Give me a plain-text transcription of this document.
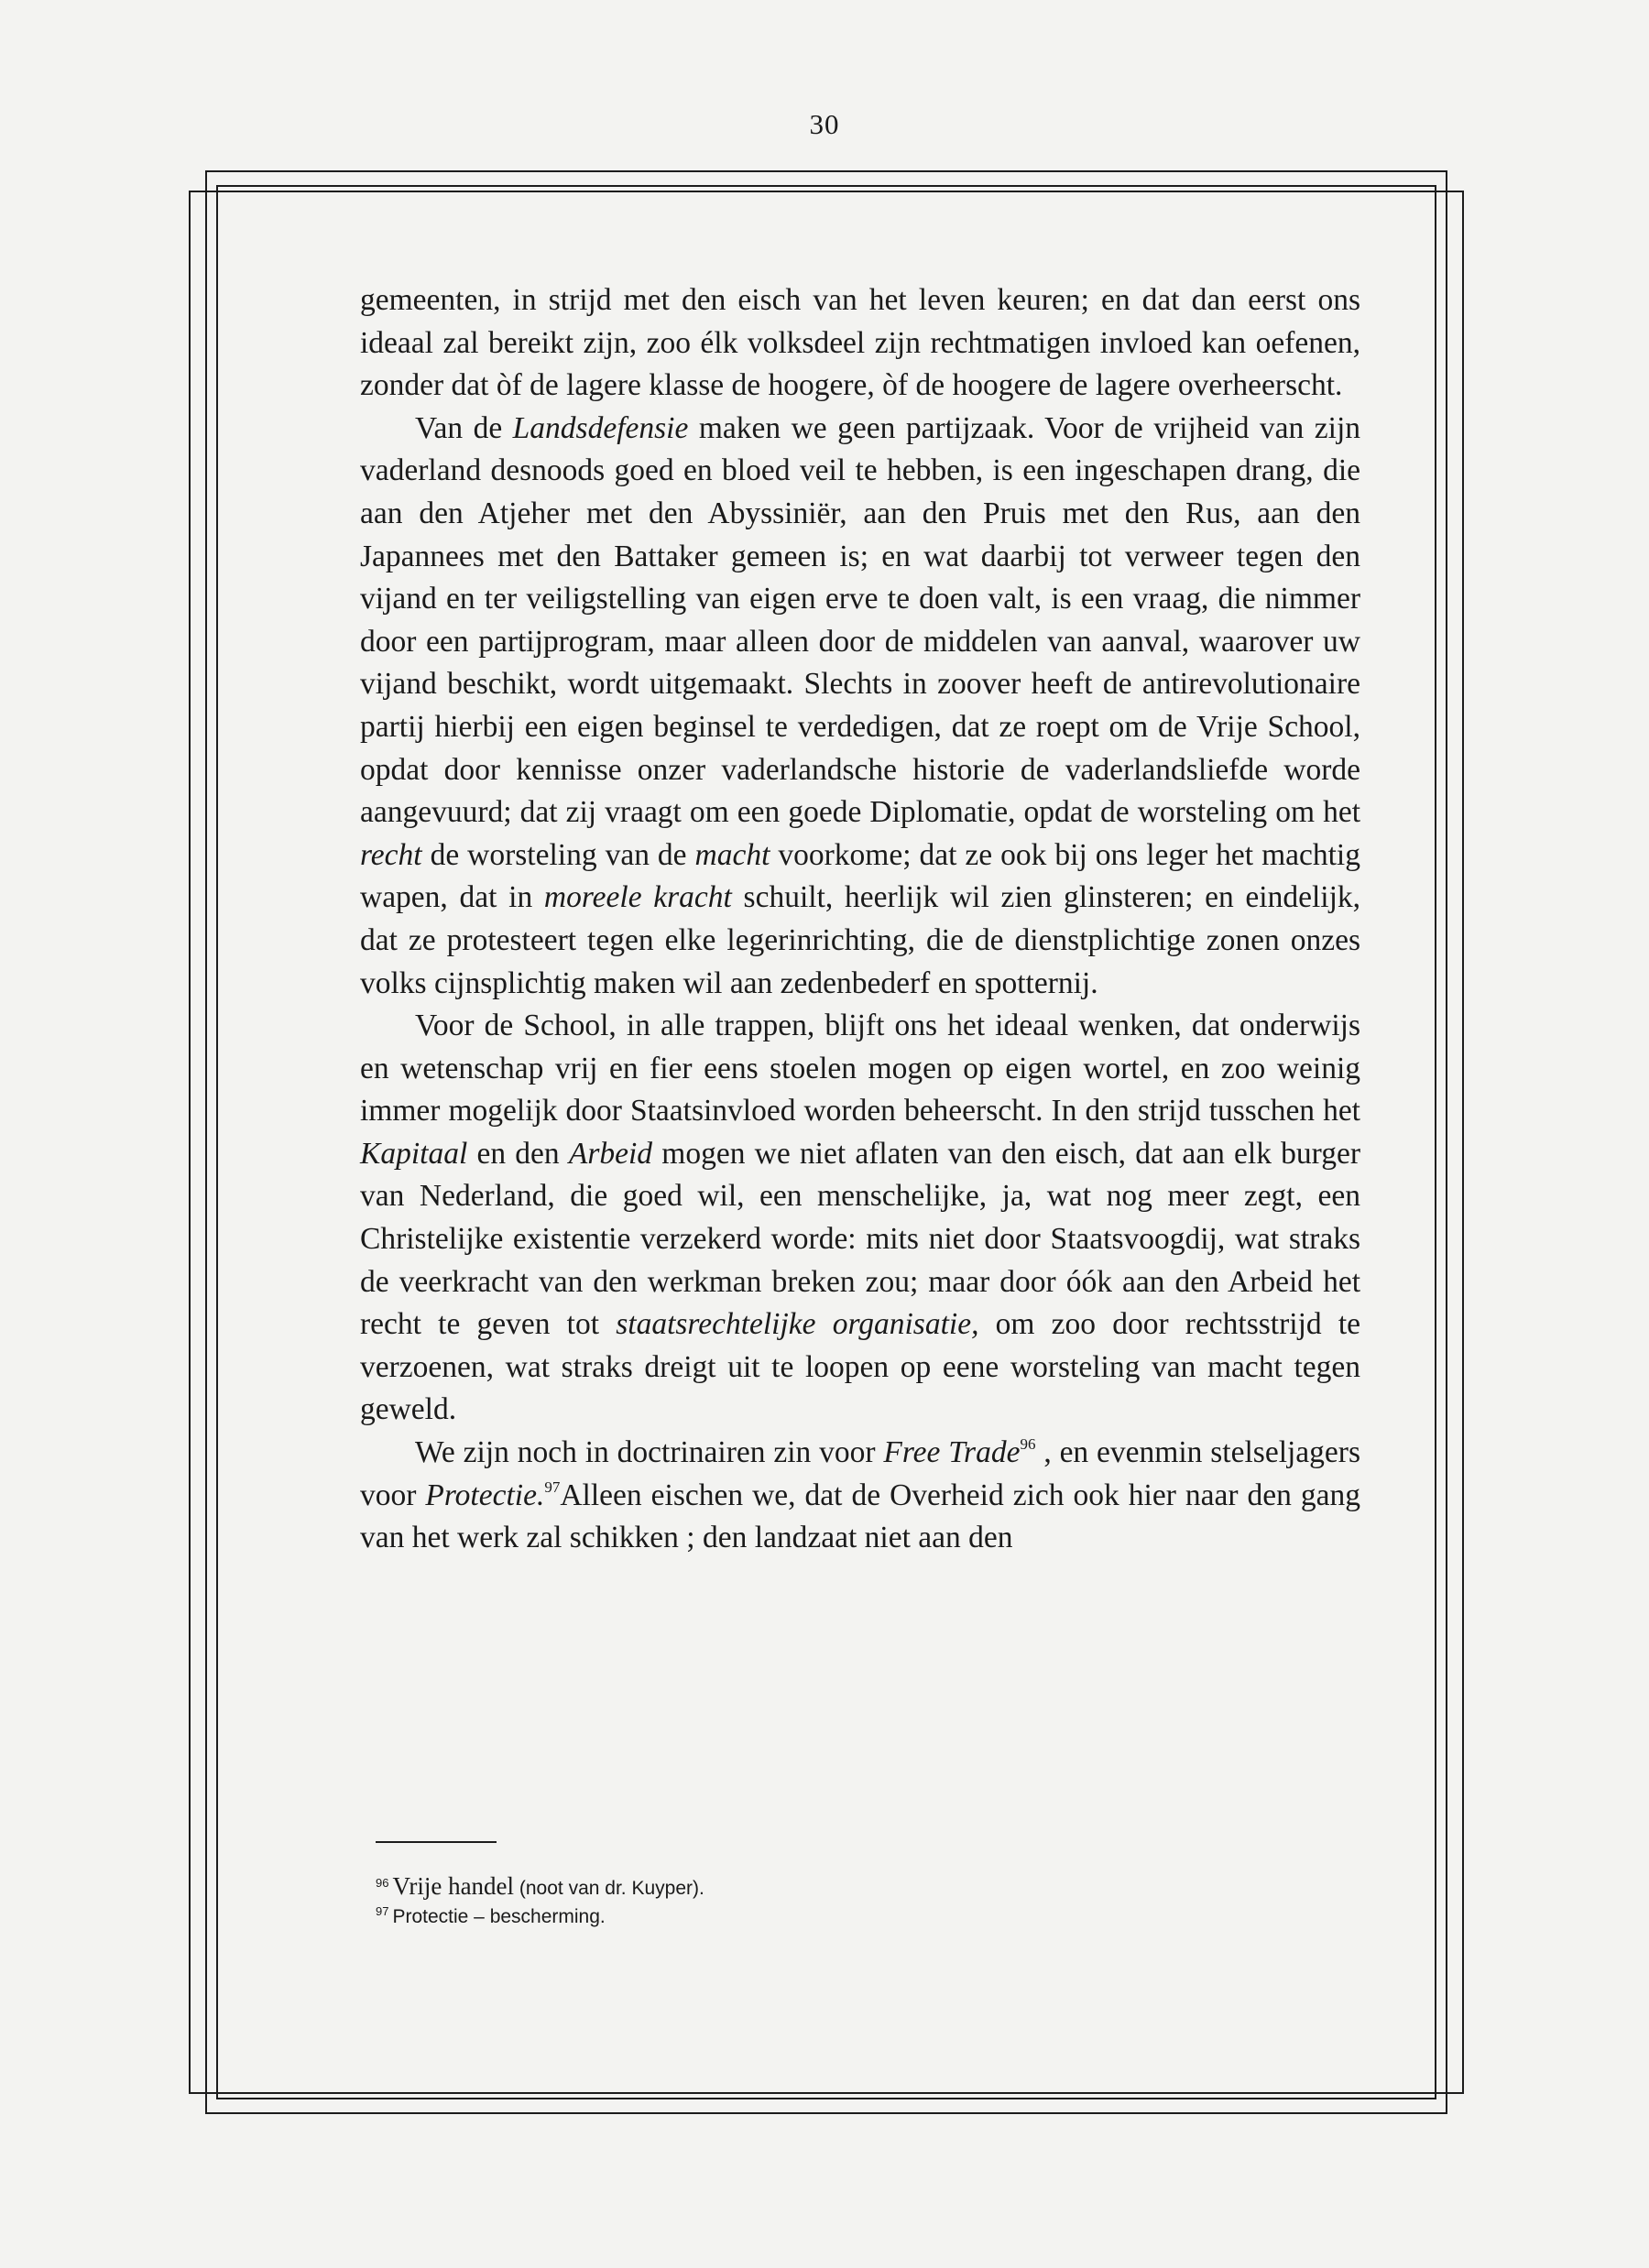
30

gemeenten, in strijd met den eisch van het leven keuren; en dat dan eerst ons ideaal zal bereikt zijn, zoo élk volksdeel zijn rechtmatigen invloed kan oefenen, zonder dat òf de lagere klasse de hoogere, òf de hoogere de lagere overheerscht.

Van de Landsdefensie maken we geen partijzaak. Voor de vrijheid van zijn vaderland desnoods goed en bloed veil te hebben, is een ingeschapen drang, die aan den Atjeher met den Abyssiniër, aan den Pruis met den Rus, aan den Japannees met den Battaker gemeen is; en wat daarbij tot verweer tegen den vijand en ter veiligstelling van eigen erve te doen valt, is een vraag, die nimmer door een partijprogram, maar alleen door de middelen van aanval, waarover uw vijand beschikt, wordt uitgemaakt. Slechts in zoover heeft de antirevolutionaire partij hierbij een eigen beginsel te verdedigen, dat ze roept om de Vrije School, opdat door kennisse onzer vaderlandsche historie de vaderlandsliefde worde aangevuurd; dat zij vraagt om een goede Diplomatie, opdat de worsteling om het recht de worsteling van de macht voorkome; dat ze ook bij ons leger het machtig wapen, dat in moreele kracht schuilt, heerlijk wil zien glinsteren; en eindelijk, dat ze protesteert tegen elke legerinrichting, die de dienstplichtige zonen onzes volks cijnsplichtig maken wil aan zedenbederf en spotternij.

Voor de School, in alle trappen, blijft ons het ideaal wenken, dat onderwijs en wetenschap vrij en fier eens stoelen mogen op eigen wortel, en zoo weinig immer mogelijk door Staatsinvloed worden beheerscht. In den strijd tusschen het Kapitaal en den Arbeid mogen we niet aflaten van den eisch, dat aan elk burger van Nederland, die goed wil, een menschelijke, ja, wat nog meer zegt, een Christelijke existentie verzekerd worde: mits niet door Staatsvoogdij, wat straks de veerkracht van den werkman breken zou; maar door óók aan den Arbeid het recht te geven tot staatsrechtelijke organisatie, om zoo door rechtsstrijd te verzoenen, wat straks dreigt uit te loopen op eene worsteling van macht tegen geweld.

We zijn noch in doctrinairen zin voor Free Trade$^{96}$ , en evenmin stelseljagers voor Protectie.$^{97}$Alleen eischen we, dat de Overheid zich ook hier naar den gang van het werk zal schikken ; den landzaat niet aan den

$^{96}$ Vrije handel (noot van dr. Kuyper).

$^{97}$ Protectie – bescherming.
